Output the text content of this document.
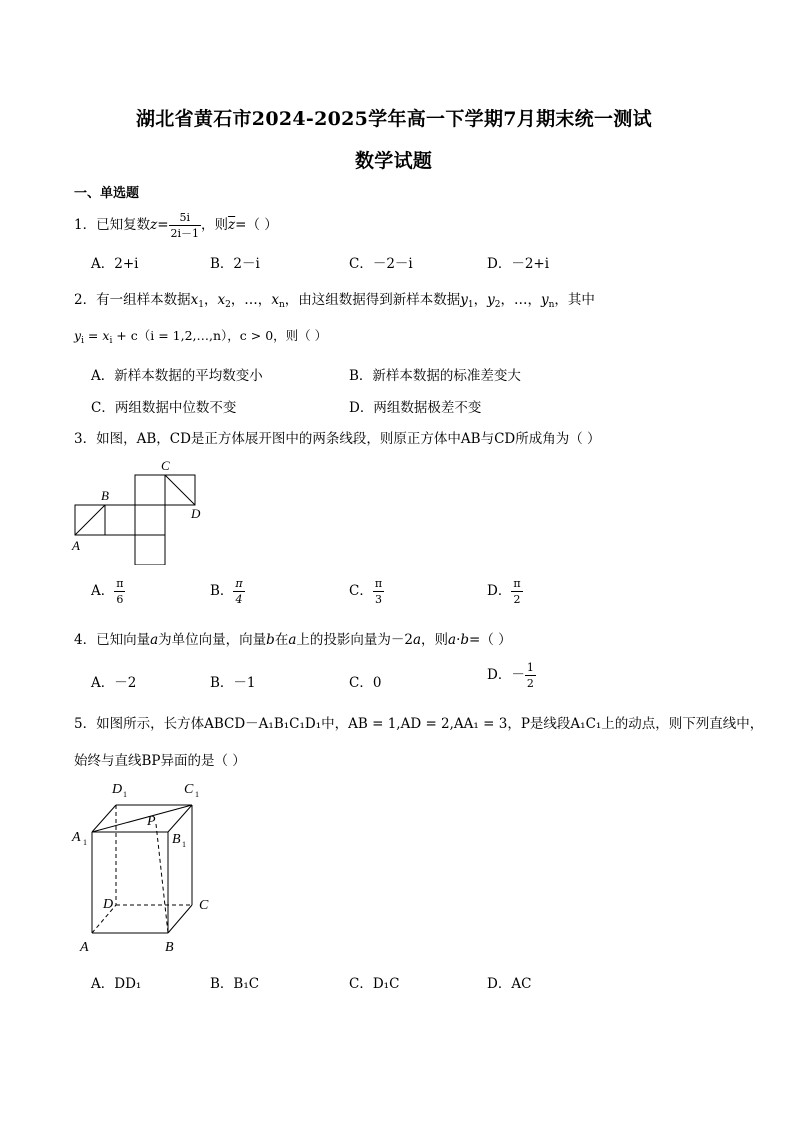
湖北省黄石市2024-2025学年高一下学期7月期末统一测试
数学试题
一、单选题
1．已知复数$z= \frac{5i}{2i-1}$ ，则$\overline{z}=$（ ）
A．2+i	B．2－i	C．－2－i	D．－2+i
2．有一组样本数据$x_1$，$x_2$，…，$x_n$，由这组数据得到新样本数据$y_1$，$y_2$，…，$y_n$，其中
$y_i = x_i + c(i$ = 1,2,…,n），c > 0，则（ ）
A．新样本数据的平均数变小	B．新样本数据的标准差变大
C．两组数据中位数不变	D．两组数据极差不变
3．如图，AB，CD是正方体展开图中的两条线段，则原正方体中AB与CD所成角为（ ）
C
B
A
D
A． $\frac{\pi}{6}$	B． $\frac{\pi}{4}$	C． $\frac{\pi}{3}$	D． $\frac{\pi}{2}$
4．已知向量a为单位向量，向量b在a上的投影向量为－2a，则a·b=（ ）
A．－2	B．－1	C．0	D．－ $\frac{1}{2}$
5．如图所示，长方体ABCD－A₁B₁C₁D₁中，AB = 1,AD = 2,AA₁ = 3，P是线段A₁C₁上的动点，则下列直线中，
始终与直线BP异面的是（ ）
D 1	C 1
A 1	B 1
P
D	C
A	B
A．DD₁	B．B₁C	C．D₁C	D．AC
